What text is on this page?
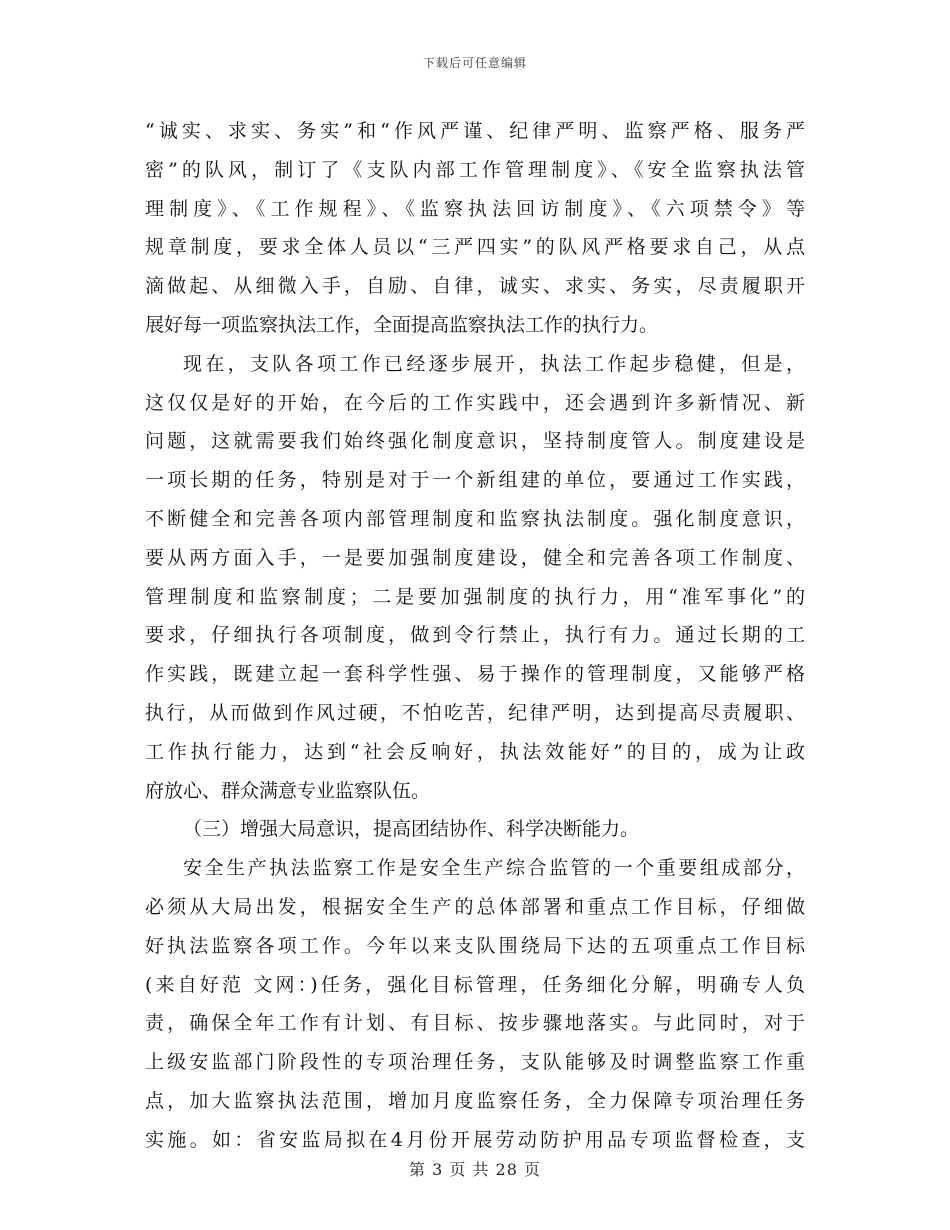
下载后可任意编辑
“诚实、求实、务实”和“作风严谨、纪律严明、监察严格、服务严
密”的队风，制订了《支队内部工作管理制度》、《安全监察执法管
理制度》、《工作规程》、《监察执法回访制度》、《六项禁令》等
规章制度，要求全体人员以“三严四实”的队风严格要求自己，从点
滴做起、从细微入手，自励、自律，诚实、求实、务实，尽责履职开
展好每一项监察执法工作，全面提高监察执法工作的执行力。
现在，支队各项工作已经逐步展开，执法工作起步稳健，但是，
这仅仅是好的开始，在今后的工作实践中，还会遇到许多新情况、新
问题，这就需要我们始终强化制度意识，坚持制度管人。制度建设是
一项长期的任务，特别是对于一个新组建的单位，要通过工作实践，
不断健全和完善各项内部管理制度和监察执法制度。强化制度意识，
要从两方面入手，一是要加强制度建设，健全和完善各项工作制度、
管理制度和监察制度；二是要加强制度的执行力，用“准军事化”的
要求，仔细执行各项制度，做到令行禁止，执行有力。通过长期的工
作实践，既建立起一套科学性强、易于操作的管理制度，又能够严格
执行，从而做到作风过硬，不怕吃苦，纪律严明，达到提高尽责履职、
工作执行能力，达到“社会反响好，执法效能好”的目的，成为让政
府放心、群众满意专业监察队伍。
（三）增强大局意识，提高团结协作、科学决断能力。
安全生产执法监察工作是安全生产综合监管的一个重要组成部分，
必须从大局出发，根据安全生产的总体部署和重点工作目标，仔细做
好执法监察各项工作。今年以来支队围绕局下达的五项重点工作目标
(来自好范 文网：)任务，强化目标管理，任务细化分解，明确专人负
责，确保全年工作有计划、有目标、按步骤地落实。与此同时，对于
上级安监部门阶段性的专项治理任务，支队能够及时调整监察工作重
点，加大监察执法范围，增加月度监察任务，全力保障专项治理任务
实施。如：省安监局拟在4月份开展劳动防护用品专项监督检查，支
第 3 页 共 28 页
